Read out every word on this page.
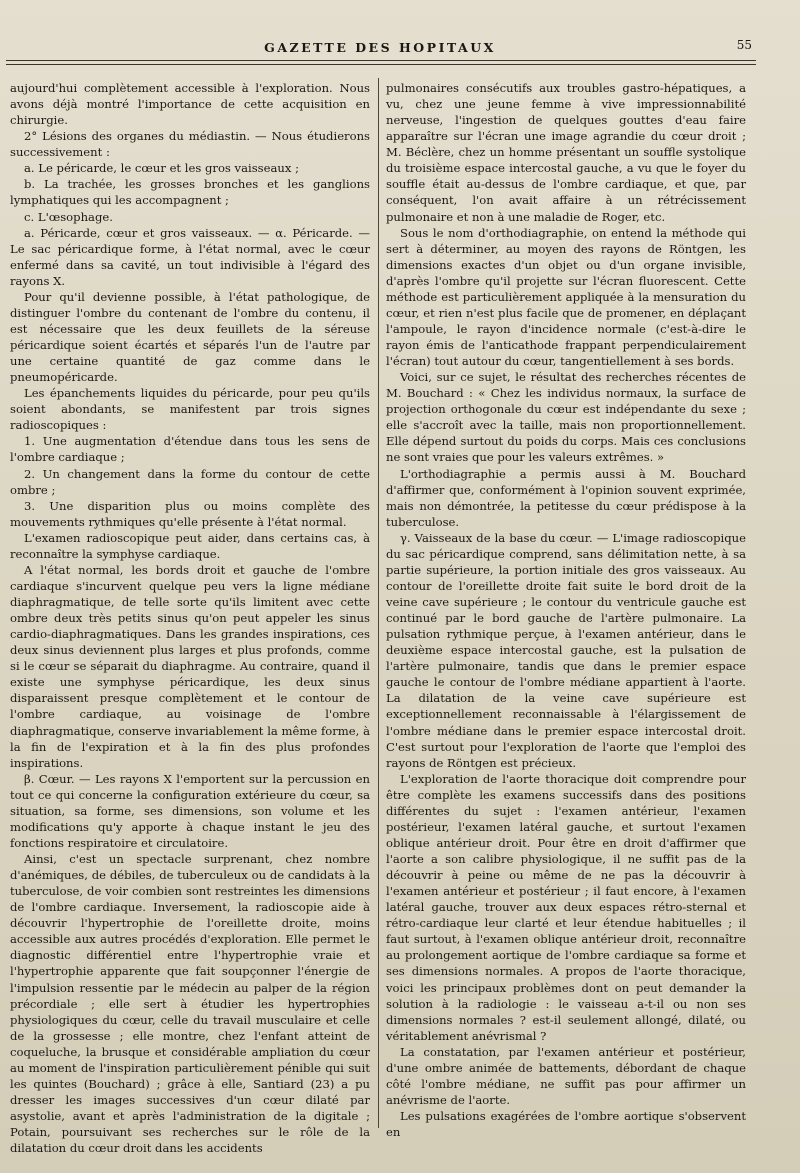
GAZETTE DES HOPITAUX	55

aujourd'hui complètement accessible à l'exploration. Nous avons déjà montré l'importance de cette acquisition en chirurgie.

2° Lésions des organes du médiastin. — Nous étudierons successivement :

a. Le péricarde, le cœur et les gros vaisseaux ;

b. La trachée, les grosses bronches et les ganglions lymphatiques qui les accompagnent ;

c. L'œsophage.

a. Péricarde, cœur et gros vaisseaux. — α. Péricarde. — Le sac péricardique forme, à l'état normal, avec le cœur enfermé dans sa cavité, un tout indivisible à l'égard des rayons X.

Pour qu'il devienne possible, à l'état pathologique, de distinguer l'ombre du contenant de l'ombre du contenu, il est nécessaire que les deux feuillets de la séreuse péricardique soient écartés et séparés l'un de l'autre par une certaine quantité de gaz comme dans le pneumopéricarde.

Les épanchements liquides du péricarde, pour peu qu'ils soient abondants, se manifestent par trois signes radioscopiques :

1. Une augmentation d'étendue dans tous les sens de l'ombre cardiaque ;

2. Un changement dans la forme du contour de cette ombre ;

3. Une disparition plus ou moins complète des mouvements rythmiques qu'elle présente à l'état normal.

L'examen radioscopique peut aider, dans certains cas, à reconnaître la symphyse cardiaque.

A l'état normal, les bords droit et gauche de l'ombre cardiaque s'incurvent quelque peu vers la ligne médiane diaphragmatique, de telle sorte qu'ils limitent avec cette ombre deux très petits sinus qu'on peut appeler les sinus cardio-diaphragmatiques. Dans les grandes inspirations, ces deux sinus deviennent plus larges et plus profonds, comme si le cœur se séparait du diaphragme. Au contraire, quand il existe une symphyse péricardique, les deux sinus disparaissent presque complètement et le contour de l'ombre cardiaque, au voisinage de l'ombre diaphragmatique, conserve invariablement la même forme, à la fin de l'expiration et à la fin des plus profondes inspirations.

β. Cœur. — Les rayons X l'emportent sur la percussion en tout ce qui concerne la configuration extérieure du cœur, sa situation, sa forme, ses dimensions, son volume et les modifications qu'y apporte à chaque instant le jeu des fonctions respiratoire et circulatoire.

Ainsi, c'est un spectacle surprenant, chez nombre d'anémiques, de débiles, de tuberculeux ou de candidats à la tuberculose, de voir combien sont restreintes les dimensions de l'ombre cardiaque. Inversement, la radioscopie aide à découvrir l'hypertrophie de l'oreillette droite, moins accessible aux autres procédés d'exploration. Elle permet le diagnostic différentiel entre l'hypertrophie vraie et l'hypertrophie apparente que fait soupçonner l'énergie de l'impulsion ressentie par le médecin au palper de la région précordiale ; elle sert à étudier les hypertrophies physiologiques du cœur, celle du travail musculaire et celle de la grossesse ; elle montre, chez l'enfant atteint de coqueluche, la brusque et considérable ampliation du cœur au moment de l'inspiration particulièrement pénible qui suit les quintes (Bouchard) ; grâce à elle, Santiard (23) a pu dresser les images successives d'un cœur dilaté par asystolie, avant et après l'administration de la digitale ; Potain, poursuivant ses recherches sur le rôle de la dilatation du cœur droit dans les accidents

pulmonaires consécutifs aux troubles gastro-hépatiques, a vu, chez une jeune femme à vive impressionnabilité nerveuse, l'ingestion de quelques gouttes d'eau faire apparaître sur l'écran une image agrandie du cœur droit ; M. Béclère, chez un homme présentant un souffle systolique du troisième espace intercostal gauche, a vu que le foyer du souffle était au-dessus de l'ombre cardiaque, et que, par conséquent, l'on avait affaire à un rétrécissement pulmonaire et non à une maladie de Roger, etc.

Sous le nom d'orthodiagraphie, on entend la méthode qui sert à déterminer, au moyen des rayons de Röntgen, les dimensions exactes d'un objet ou d'un organe invisible, d'après l'ombre qu'il projette sur l'écran fluorescent. Cette méthode est particulièrement appliquée à la mensuration du cœur, et rien n'est plus facile que de promener, en déplaçant l'ampoule, le rayon d'incidence normale (c'est-à-dire le rayon émis de l'anticathode frappant perpendiculairement l'écran) tout autour du cœur, tangentiellement à ses bords.

Voici, sur ce sujet, le résultat des recherches récentes de M. Bouchard : « Chez les individus normaux, la surface de projection orthogonale du cœur est indépendante du sexe ; elle s'accroît avec la taille, mais non proportionnellement. Elle dépend surtout du poids du corps. Mais ces conclusions ne sont vraies que pour les valeurs extrêmes. »

L'orthodiagraphie a permis aussi à M. Bouchard d'affirmer que, conformément à l'opinion souvent exprimée, mais non démontrée, la petitesse du cœur prédispose à la tuberculose.

γ. Vaisseaux de la base du cœur. — L'image radioscopique du sac péricardique comprend, sans délimitation nette, à sa partie supérieure, la portion initiale des gros vaisseaux. Au contour de l'oreillette droite fait suite le bord droit de la veine cave supérieure ; le contour du ventricule gauche est continué par le bord gauche de l'artère pulmonaire. La pulsation rythmique perçue, à l'examen antérieur, dans le deuxième espace intercostal gauche, est la pulsation de l'artère pulmonaire, tandis que dans le premier espace gauche le contour de l'ombre médiane appartient à l'aorte. La dilatation de la veine cave supérieure est exceptionnellement reconnaissable à l'élargissement de l'ombre médiane dans le premier espace intercostal droit. C'est surtout pour l'exploration de l'aorte que l'emploi des rayons de Röntgen est précieux.

L'exploration de l'aorte thoracique doit comprendre pour être complète les examens successifs dans des positions différentes du sujet : l'examen antérieur, l'examen postérieur, l'examen latéral gauche, et surtout l'examen oblique antérieur droit. Pour être en droit d'affirmer que l'aorte a son calibre physiologique, il ne suffit pas de la découvrir à peine ou même de ne pas la découvrir à l'examen antérieur et postérieur ; il faut encore, à l'examen latéral gauche, trouver aux deux espaces rétro-sternal et rétro-cardiaque leur clarté et leur étendue habituelles ; il faut surtout, à l'examen oblique antérieur droit, reconnaître au prolongement aortique de l'ombre cardiaque sa forme et ses dimensions normales. A propos de l'aorte thoracique, voici les principaux problèmes dont on peut demander la solution à la radiologie : le vaisseau a-t-il ou non ses dimensions normales ? est-il seulement allongé, dilaté, ou véritablement anévrismal ?

La constatation, par l'examen antérieur et postérieur, d'une ombre animée de battements, débordant de chaque côté l'ombre médiane, ne suffit pas pour affirmer un anévrisme de l'aorte.

Les pulsations exagérées de l'ombre aortique s'observent en
